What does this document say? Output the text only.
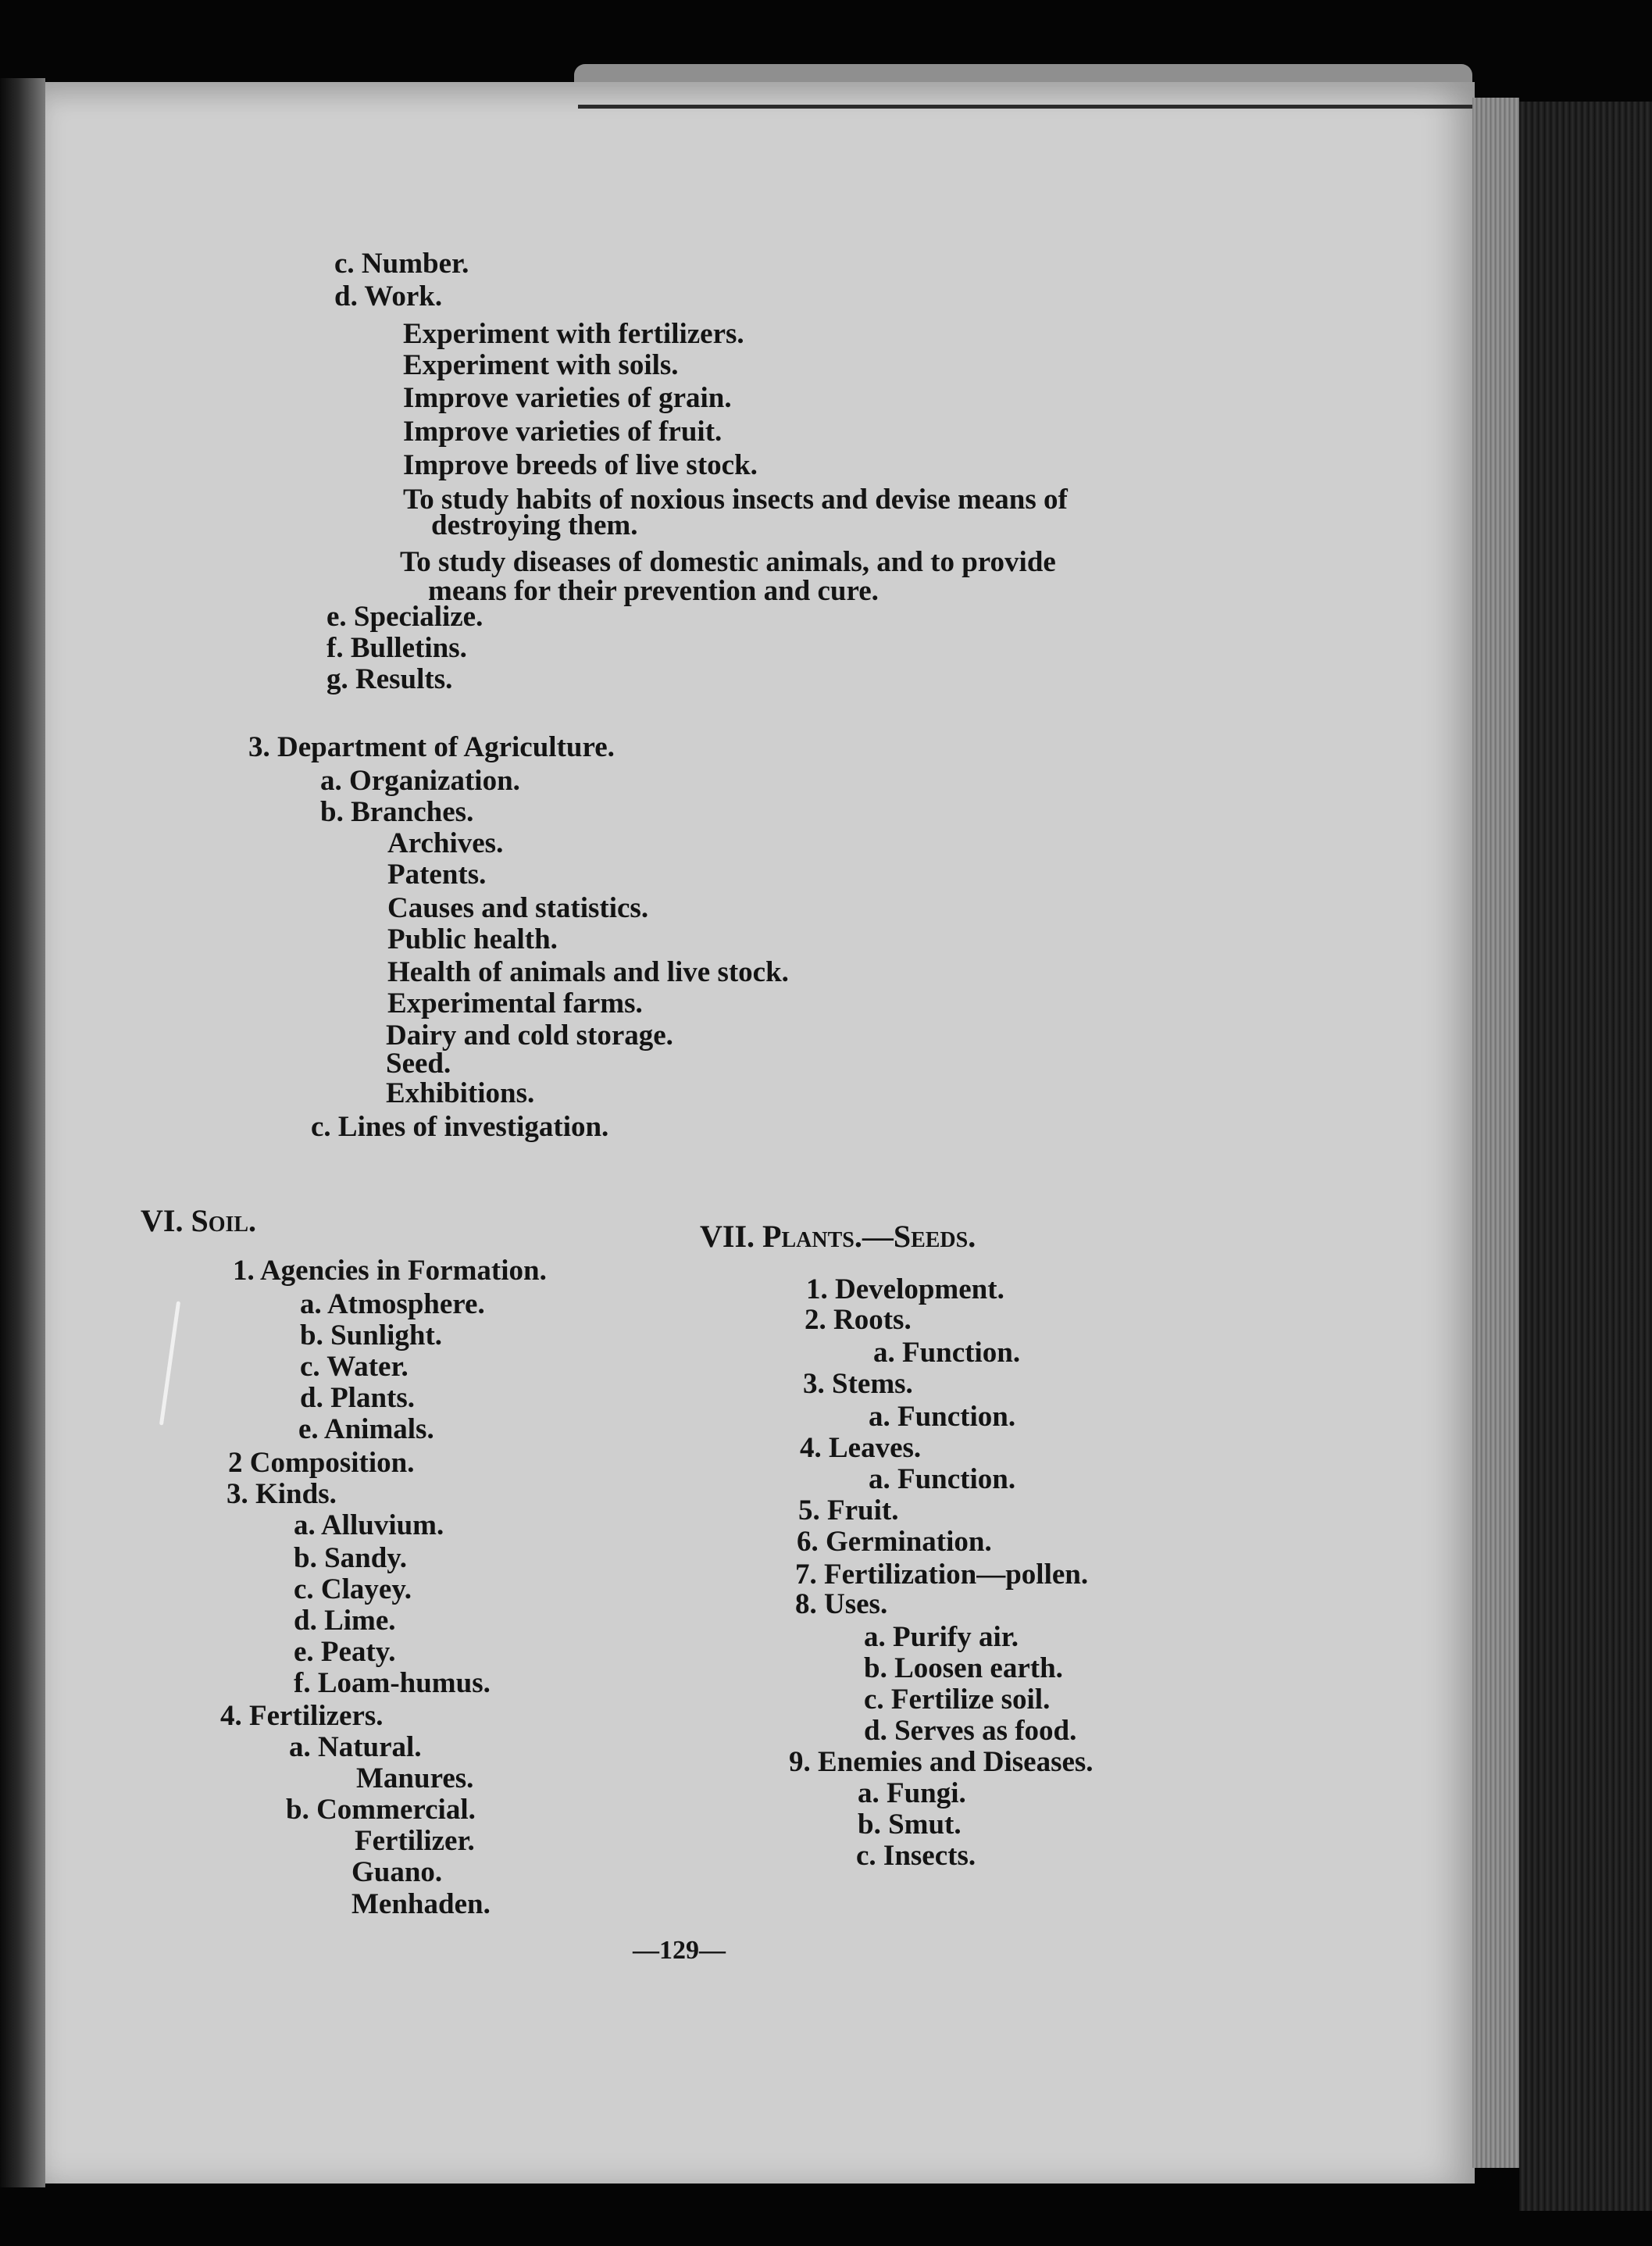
c. Number.
d. Work.
Experiment with fertilizers.
Experiment with soils.
Improve varieties of grain.
Improve varieties of fruit.
Improve breeds of live stock.
To study habits of noxious insects and devise means of
destroying them.
To study diseases of domestic animals, and to provide
means for their prevention and cure.
e. Specialize.
f. Bulletins.
g. Results.
3. Department of Agriculture.
a. Organization.
b. Branches.
Archives.
Patents.
Causes and statistics.
Public health.
Health of animals and live stock.
Experimental farms.
Dairy and cold storage.
Seed.
Exhibitions.
c. Lines of investigation.
1. Agencies in Formation.
a. Atmosphere.
b. Sunlight.
c. Water.
d. Plants.
e. Animals.
2 Composition.
3. Kinds.
a. Alluvium.
b. Sandy.
c. Clayey.
d. Lime.
e. Peaty.
f. Loam-humus.
4. Fertilizers.
a. Natural.
Manures.
b. Commercial.
Fertilizer.
Guano.
Menhaden.
1. Development.
2. Roots.
a. Function.
3. Stems.
a. Function.
4. Leaves.
a. Function.
5. Fruit.
6. Germination.
7. Fertilization—pollen.
8. Uses.
a. Purify air.
b. Loosen earth.
c. Fertilize soil.
d. Serves as food.
9. Enemies and Diseases.
a. Fungi.
b. Smut.
c. Insects.
VI. Soil.	VII. Plants.—Seeds.
—129—
